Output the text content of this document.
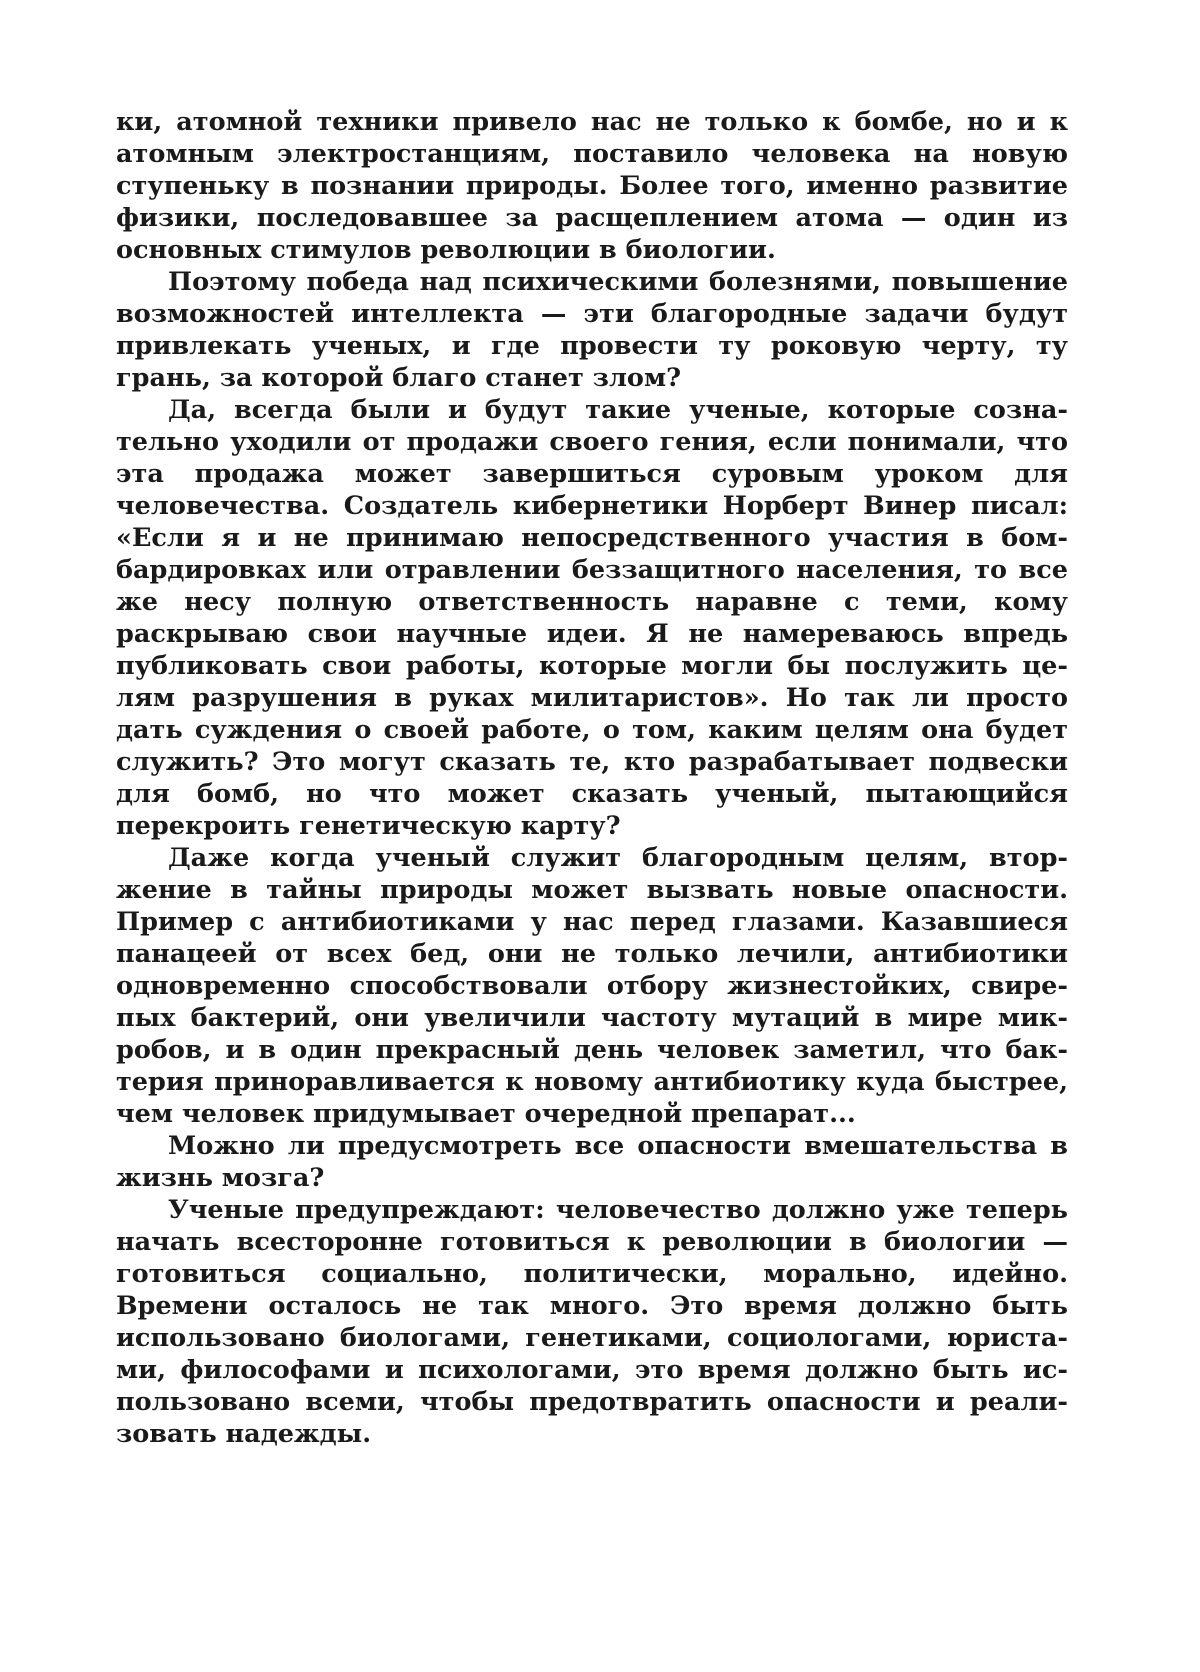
ки, атомной техники привело нас не только к бомбе, но и к атомным электростанциям, поставило человека на новую ступеньку в познании природы. Более того, именно развитие физики, последовавшее за расщеплением атома — один из основных стимулов революции в биологии.

Поэтому победа над психическими болезнями, повышение возможностей интеллекта — эти благородные задачи будут привлекать ученых, и где провести ту роковую черту, ту грань, за которой благо станет злом?

Да, всегда были и будут такие ученые, которые сознательно уходили от продажи своего гения, если понимали, что эта продажа может завершиться суровым уроком для человечества. Создатель кибернетики Норберт Винер писал: «Если я и не принимаю непосредственного участия в бомбардировках или отравлении беззащитного населения, то все же несу полную ответственность наравне с теми, кому раскрываю свои научные идеи. Я не намереваюсь впредь публиковать свои работы, которые могли бы послужить целям разрушения в руках милитаристов». Но так ли просто дать суждения о своей работе, о том, каким целям она будет служить? Это могут сказать те, кто разрабатывает подвески для бомб, но что может сказать ученый, пытающийся перекроить генетическую карту?

Даже когда ученый служит благородным целям, вторжение в тайны природы может вызвать новые опасности. Пример с антибиотиками у нас перед глазами. Казавшиеся панацеей от всех бед, они не только лечили, антибиотики одновременно способствовали отбору жизнестойких, свирепых бактерий, они увеличили частоту мутаций в мире микробов, и в один прекрасный день человек заметил, что бактерия приноравливается к новому антибиотику куда быстрее, чем человек придумывает очередной препарат...

Можно ли предусмотреть все опасности вмешательства в жизнь мозга?

Ученые предупреждают: человечество должно уже теперь начать всесторонне готовиться к революции в биологии — готовиться социально, политически, морально, идейно. Времени осталось не так много. Это время должно быть использовано биологами, генетиками, социологами, юристами, философами и психологами, это время должно быть использовано всеми, чтобы предотвратить опасности и реализовать надежды.
